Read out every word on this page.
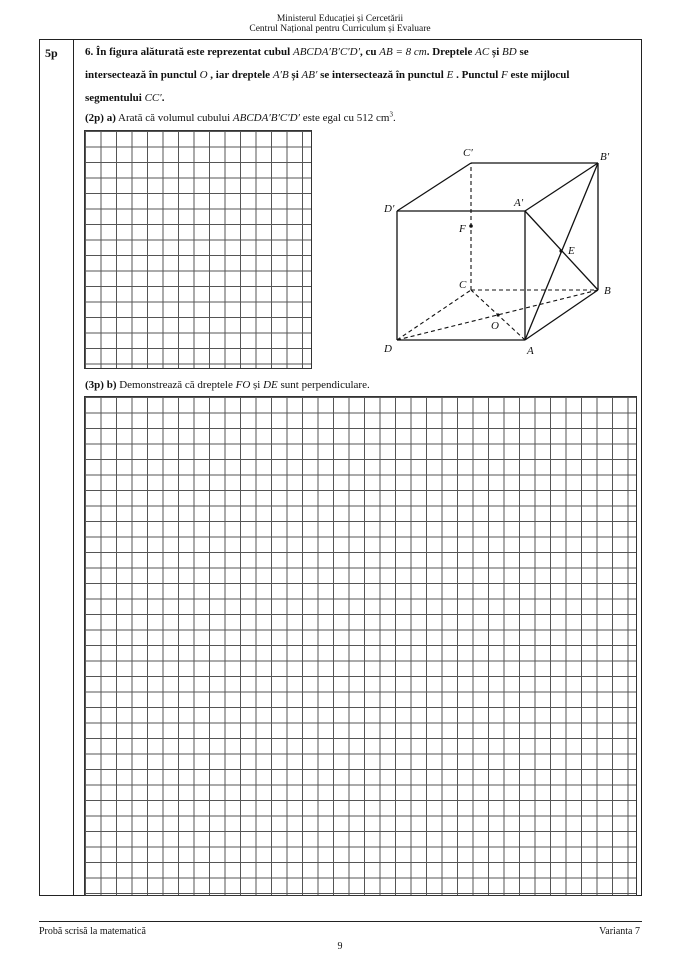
Ministerul Educației și Cercetării
Centrul Național pentru Curriculum și Evaluare
5p 6. În figura alăturată este reprezentat cubul ABCDA′B′C′D′, cu AB = 8 cm. Dreptele AC și BD se
intersectează în punctul O , iar dreptele A′B și AB′ se intersectează în punctul E . Punctul F este mijlocul
segmentului CC′.
(2p) a) Arată că volumul cubului ABCDA′B′C′D′ este egal cu 512 $cm^3$.
A
B
C
D
A′
B′
C′
D′
E
F
O
(3p) b) Demonstrează că dreptele FO și DE sunt perpendiculare.
Probă scrisă la matematică	Varianta 7
9
